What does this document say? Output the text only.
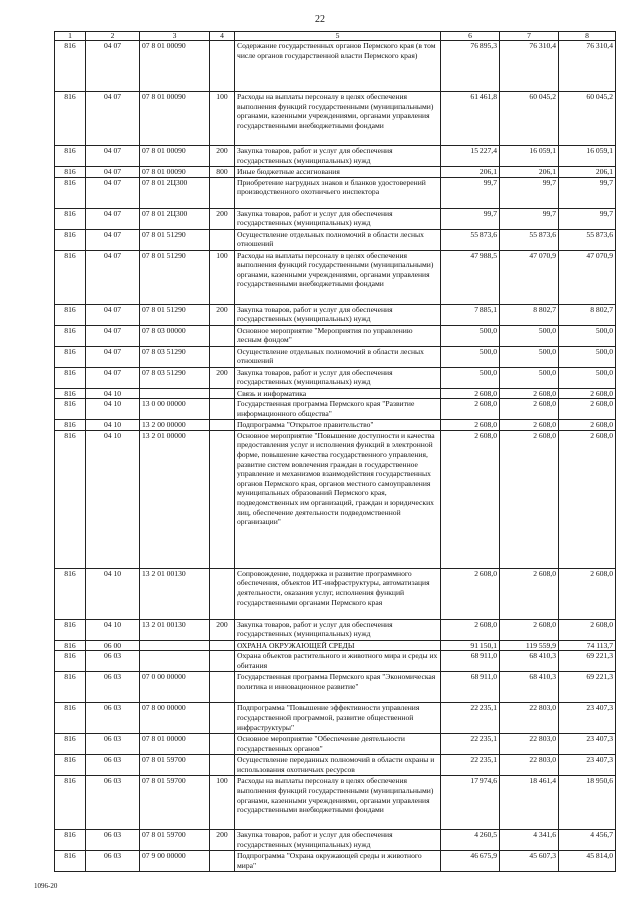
22
1	2	3	4	5	6	7	8
816	04 07	07 8 01 00090		Содержание государственных органов Пермского края (в том числе органов государственной власти Пермского края)	76 895,3	76 310,4	76 310,4
816	04 07	07 8 01 00090	100	Расходы на выплаты персоналу в целях обеспечения выполнения функций государственными (муниципальными) органами, казенными учреждениями, органами управления государственными внебюджетными фондами	61 461,8	60 045,2	60 045,2
816	04 07	07 8 01 00090	200	Закупка товаров, работ и услуг для обеспечения государственных (муниципальных) нужд	15 227,4	16 059,1	16 059,1
816	04 07	07 8 01 00090	800	Иные бюджетные ассигнования	206,1	206,1	206,1
816	04 07	07 8 01 2Ц300		Приобретение нагрудных знаков и бланков удостоверений производственного охотничьего инспектора	99,7	99,7	99,7
816	04 07	07 8 01 2Ц300	200	Закупка товаров, работ и услуг для обеспечения государственных (муниципальных) нужд	99,7	99,7	99,7
816	04 07	07 8 01 51290		Осуществление отдельных полномочий в области лесных отношений	55 873,6	55 873,6	55 873,6
816	04 07	07 8 01 51290	100	Расходы на выплаты персоналу в целях обеспечения выполнения функций государственными (муниципальными) органами, казенными учреждениями, органами управления государственными внебюджетными фондами	47 988,5	47 070,9	47 070,9
816	04 07	07 8 01 51290	200	Закупка товаров, работ и услуг для обеспечения государственных (муниципальных) нужд	7 885,1	8 802,7	8 802,7
816	04 07	07 8 03 00000		Основное мероприятие "Мероприятия по управлению лесным фондом"	500,0	500,0	500,0
816	04 07	07 8 03 51290		Осуществление отдельных полномочий в области лесных отношений	500,0	500,0	500,0
816	04 07	07 8 03 51290	200	Закупка товаров, работ и услуг для обеспечения государственных (муниципальных) нужд	500,0	500,0	500,0
816	04 10			Связь и информатика	2 608,0	2 608,0	2 608,0
816	04 10	13 0 00 00000		Государственная программа Пермского края "Развитие информационного общества"	2 608,0	2 608,0	2 608,0
816	04 10	13 2 00 00000		Подпрограмма "Открытое правительство"	2 608,0	2 608,0	2 608,0
816	04 10	13 2 01 00000		Основное мероприятие "Повышение доступности и качества предоставления услуг и исполнения функций в электронной форме, повышение качества государственного управления, развитие систем вовлечения граждан в государственное управление и механизмов взаимодействия государственных органов Пермского края, органов местного самоуправления муниципальных образований Пермского края, подведомственных им организаций, граждан и юридических лиц, обеспечение деятельности подведомственной организации"	2 608,0	2 608,0	2 608,0
816	04 10	13 2 01 00130		Сопровождение, поддержка и развитие программного обеспечения, объектов ИТ-инфраструктуры, автоматизация деятельности, оказания услуг, исполнения функций государственными органами Пермского края	2 608,0	2 608,0	2 608,0
816	04 10	13 2 01 00130	200	Закупка товаров, работ и услуг для обеспечения государственных (муниципальных) нужд	2 608,0	2 608,0	2 608,0
816	06 00			ОХРАНА ОКРУЖАЮЩЕЙ СРЕДЫ	91 150,1	119 559,9	74 113,7
816	06 03			Охрана объектов растительного и животного мира и среды их обитания	68 911,0	68 410,3	69 221,3
816	06 03	07 0 00 00000		Государственная программа Пермского края "Экономическая политика и инновационное развитие"	68 911,0	68 410,3	69 221,3
816	06 03	07 8 00 00000		Подпрограмма "Повышение эффективности управления государственной программой, развитие общественной инфраструктуры"	22 235,1	22 803,0	23 407,3
816	06 03	07 8 01 00000		Основное мероприятие "Обеспечение деятельности государственных органов"	22 235,1	22 803,0	23 407,3
816	06 03	07 8 01 59700		Осуществление переданных полномочий в области охраны и использования охотничьих ресурсов	22 235,1	22 803,0	23 407,3
816	06 03	07 8 01 59700	100	Расходы на выплаты персоналу в целях обеспечения выполнения функций государственными (муниципальными) органами, казенными учреждениями, органами управления государственными внебюджетными фондами	17 974,6	18 461,4	18 950,6
816	06 03	07 8 01 59700	200	Закупка товаров, работ и услуг для обеспечения государственных (муниципальных) нужд	4 260,5	4 341,6	4 456,7
816	06 03	07 9 00 00000		Подпрограмма "Охрана окружающей среды и животного мира"	46 675,9	45 607,3	45 814,0
1096-20
